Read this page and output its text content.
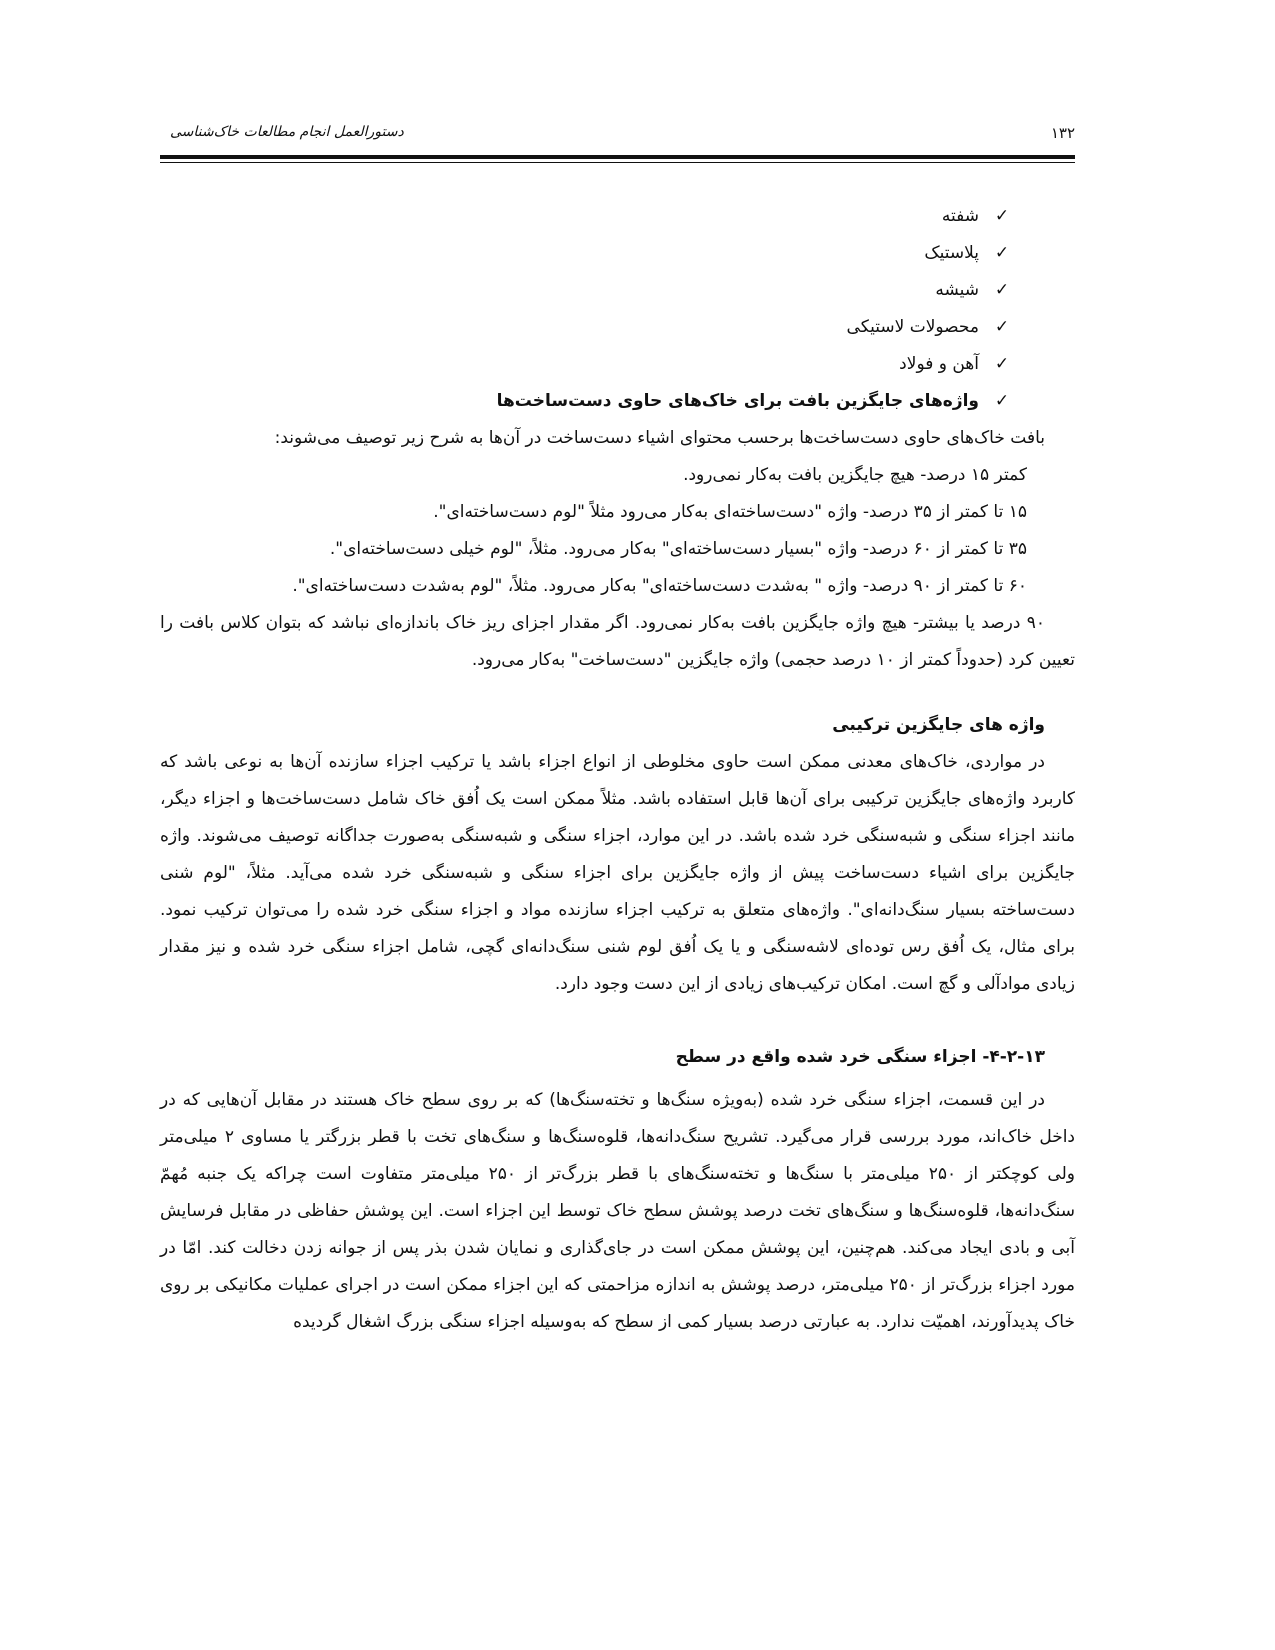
۱۳۲
دستورالعمل انجام مطالعات خاک‌شناسی
✓
شفته
✓
پلاستیک
✓
شیشه
✓
محصولات لاستیکی
✓
آهن و فولاد
✓
واژه‌های جایگزین بافت برای خاک‌های حاوی دست‌ساخت‌ها

بافت خاک‌های حاوی دست‌ساخت‌ها برحسب محتوای اشیاء دست‌ساخت در آن‌ها به شرح زیر توصیف می‌شوند:

کمتر ۱۵ درصد- هیچ جایگزین بافت به‌کار نمی‌رود.

۱۵ تا کمتر از ۳۵ درصد- واژه "دست‌ساخته‌ای به‌کار می‌رود مثلاً "لوم دست‌ساخته‌ای".

۳۵ تا کمتر از ۶۰ درصد- واژه "بسیار دست‌ساخته‌ای" به‌کار می‌رود. مثلاً، "لوم خیلی دست‌ساخته‌ای".

۶۰ تا کمتر از ۹۰ درصد- واژه " به‌شدت دست‌ساخته‌ای" به‌کار می‌رود. مثلاً، "لوم به‌شدت دست‌ساخته‌ای".

۹۰ درصد یا بیشتر- هیچ واژه جایگزین بافت به‌کار نمی‌رود. اگر مقدار اجزای ریز خاک باندازه‌ای نباشد که بتوان کلاس بافت را تعیین کرد (حدوداً کمتر از ۱۰ درصد حجمی) واژه جایگزین "دست‌ساخت" به‌کار می‌رود.

واژه های جایگزین ترکیبی

در مواردی، خاک‌های معدنی ممکن است حاوی مخلوطی از انواع اجزاء باشد یا ترکیب اجزاء سازنده آن‌ها به نوعی باشد که کاربرد واژه‌های جایگزین ترکیبی برای آن‌ها قابل استفاده باشد. مثلاً ممکن است یک اُفق خاک شامل دست‌ساخت‌ها و اجزاء دیگر، مانند اجزاء سنگی و شبه‌سنگی خرد شده باشد. در این موارد، اجزاء سنگی و شبه‌سنگی به‌صورت جداگانه توصیف می‌شوند. واژه جایگزین برای اشیاء دست‌ساخت پیش از واژه جایگزین برای اجزاء سنگی و شبه‌سنگی خرد شده می‌آید. مثلاً، "لوم شنی دست‌ساخته بسیار سنگ‌دانه‌ای". واژه‌های متعلق به ترکیب اجزاء سازنده مواد و اجزاء سنگی خرد شده را می‌توان ترکیب نمود. برای مثال، یک اُفق رس توده‌ای لاشه‌سنگی و یا یک اُفق لوم شنی سنگ‌دانه‌ای گچی، شامل اجزاء سنگی خرد شده و نیز مقدار زیادی موادآلی و گچ است. امکان ترکیب‌های زیادی از این دست وجود دارد.

۴-۲-۱۳- اجزاء سنگی خرد شده واقع در سطح

در این قسمت، اجزاء سنگی خرد شده (به‌ویژه سنگ‌ها و تخته‌سنگ‌ها) که بر روی سطح خاک هستند در مقابل آن‌هایی که در داخل خاک‌اند، مورد بررسی قرار می‌گیرد. تشریح سنگ‌دانه‌ها، قلوه‌سنگ‌ها و سنگ‌های تخت با قطر بزرگتر یا مساوی ۲ میلی‌متر ولی کوچکتر از ۲۵۰ میلی‌متر با سنگ‌ها و تخته‌سنگ‌های با قطر بزرگ‌تر از ۲۵۰ میلی‌متر متفاوت است چراکه یک جنبه مُهمّ سنگ‌دانه‌ها، قلوه‌سنگ‌ها و سنگ‌های تخت درصد پوشش سطح خاک توسط این اجزاء است. این پوشش حفاظی در مقابل فرسایش آبی و بادی ایجاد می‌کند. هم‌چنین، این پوشش ممکن است در جای‌گذاری و نمایان شدن بذر پس از جوانه زدن دخالت کند. امّا در مورد اجزاء بزرگ‌تر از ۲۵۰ میلی‌متر، درصد پوشش به اندازه مزاحمتی که این اجزاء ممکن است در اجرای عملیات مکانیکی بر روی خاک پدیدآورند، اهمیّت ندارد. به عبارتی درصد بسیار کمی از سطح که به‌وسیله اجزاء سنگی بزرگ اشغال گردیده
